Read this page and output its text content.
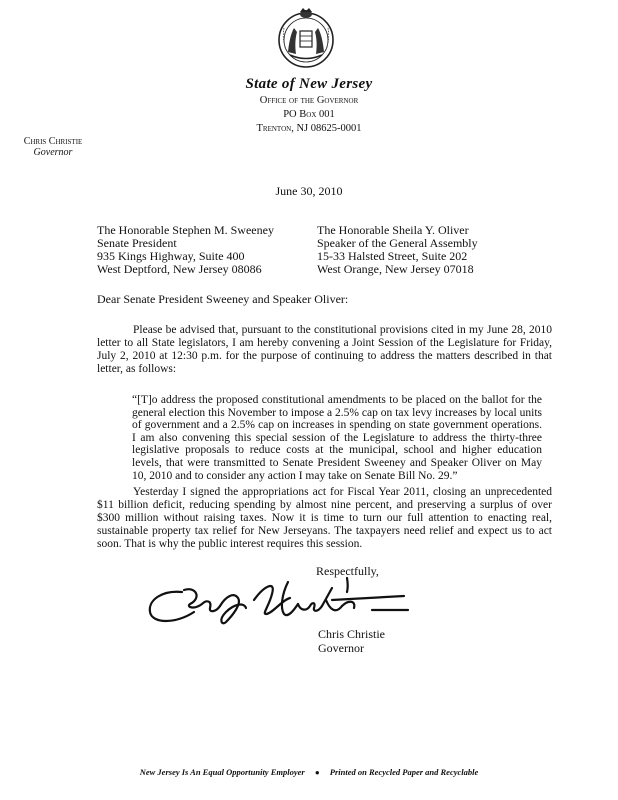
State of New Jersey
Office of the Governor
PO Box 001
Trenton, NJ 08625-0001
Chris Christie
Governor
June 30, 2010
The Honorable Stephen M. Sweeney
Senate President
935 Kings Highway, Suite 400
West Deptford, New Jersey 08086
The Honorable Sheila Y. Oliver
Speaker of the General Assembly
15-33 Halsted Street, Suite 202
West Orange, New Jersey 07018
Dear Senate President Sweeney and Speaker Oliver:
Please be advised that, pursuant to the constitutional provisions cited in my June 28, 2010 letter to all State legislators, I am hereby convening a Joint Session of the Legislature for Friday, July 2, 2010 at 12:30 p.m. for the purpose of continuing to address the matters described in that letter, as follows:
“[T]o address the proposed constitutional amendments to be placed on the ballot for the general election this November to impose a 2.5% cap on tax levy increases by local units of government and a 2.5% cap on increases in spending on state government operations. I am also convening this special session of the Legislature to address the thirty-three legislative proposals to reduce costs at the municipal, school and higher education levels, that were transmitted to Senate President Sweeney and Speaker Oliver on May 10, 2010 and to consider any action I may take on Senate Bill No. 29.”
Yesterday I signed the appropriations act for Fiscal Year 2011, closing an unprecedented $11 billion deficit, reducing spending by almost nine percent, and preserving a surplus of over $300 million without raising taxes. Now it is time to turn our full attention to enacting real, sustainable property tax relief for New Jerseyans. The taxpayers need relief and expect us to act soon. That is why the public interest requires this session.
Respectfully,
Chris Christie
Governor
New Jersey Is An Equal Opportunity Employer ● Printed on Recycled Paper and Recyclable
